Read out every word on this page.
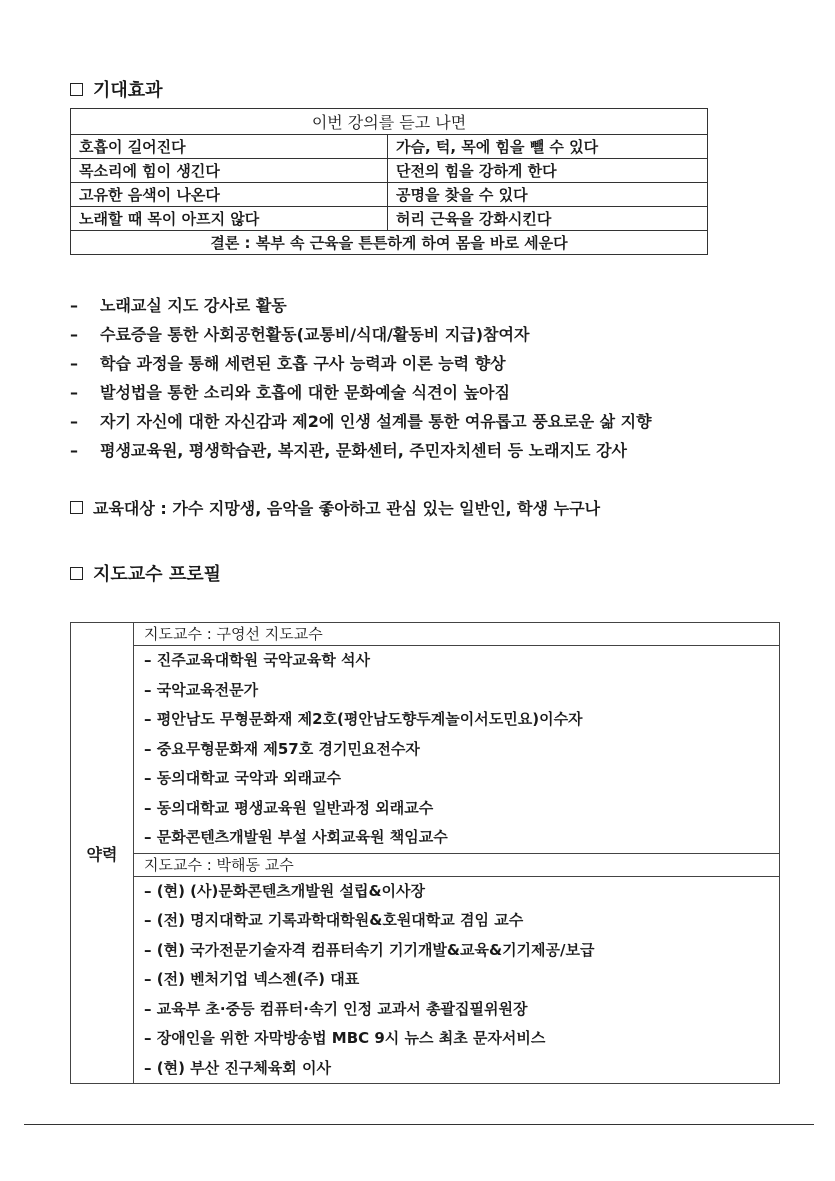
기대효과
이번 강의를 듣고 나면	
호흡이 길어진다	가슴, 턱, 목에 힘을 뺄 수 있다
목소리에 힘이 생긴다	단전의 힘을 강하게 한다
고유한 음색이 나온다	공명을 찾을 수 있다
노래할 때 목이 아프지 않다	허리 근육을 강화시킨다
결론 : 복부 속 근육을 튼튼하게 하여 몸을 바로 세운다	
– 노래교실 지도 강사로 활동
– 수료증을 통한 사회공헌활동(교통비/식대/활동비 지급)참여자
– 학습 과정을 통해 세련된 호흡 구사 능력과 이론 능력 향상
– 발성법을 통한 소리와 호흡에 대한 문화예술 식견이 높아짐
– 자기 자신에 대한 자신감과 제2에 인생 설계를 통한 여유롭고 풍요로운 삶 지향
– 평생교육원, 평생학습관, 복지관, 문화센터, 주민자치센터 등 노래지도 강사
교육대상 : 가수 지망생, 음악을 좋아하고 관심 있는 일반인, 학생 누구나
지도교수 프로필
약력	
지도교수 : 구영선 지도교수

– 진주교육대학원 국악교육학 석사
– 국악교육전문가
– 평안남도 무형문화재 제2호(평안남도향두계놀이서도민요)이수자
– 중요무형문화재 제57호 경기민요전수자
– 동의대학교 국악과 외래교수
– 동의대학교 평생교육원 일반과정 외래교수
– 문화콘텐츠개발원 부설 사회교육원 책임교수

지도교수 : 박해동 교수

– (현) (사)문화콘텐츠개발원 설립&이사장
– (전) 명지대학교 기록과학대학원&호원대학교 겸임 교수
– (현) 국가전문기술자격 컴퓨터속기 기기개발&교육&기기제공/보급
– (전) 벤처기업 넥스젠(주) 대표
– 교육부 초·중등 컴퓨터·속기 인정 교과서 총괄집필위원장
– 장애인을 위한 자막방송법 MBC 9시 뉴스 최초 문자서비스
– (현) 부산 진구체육회 이사
